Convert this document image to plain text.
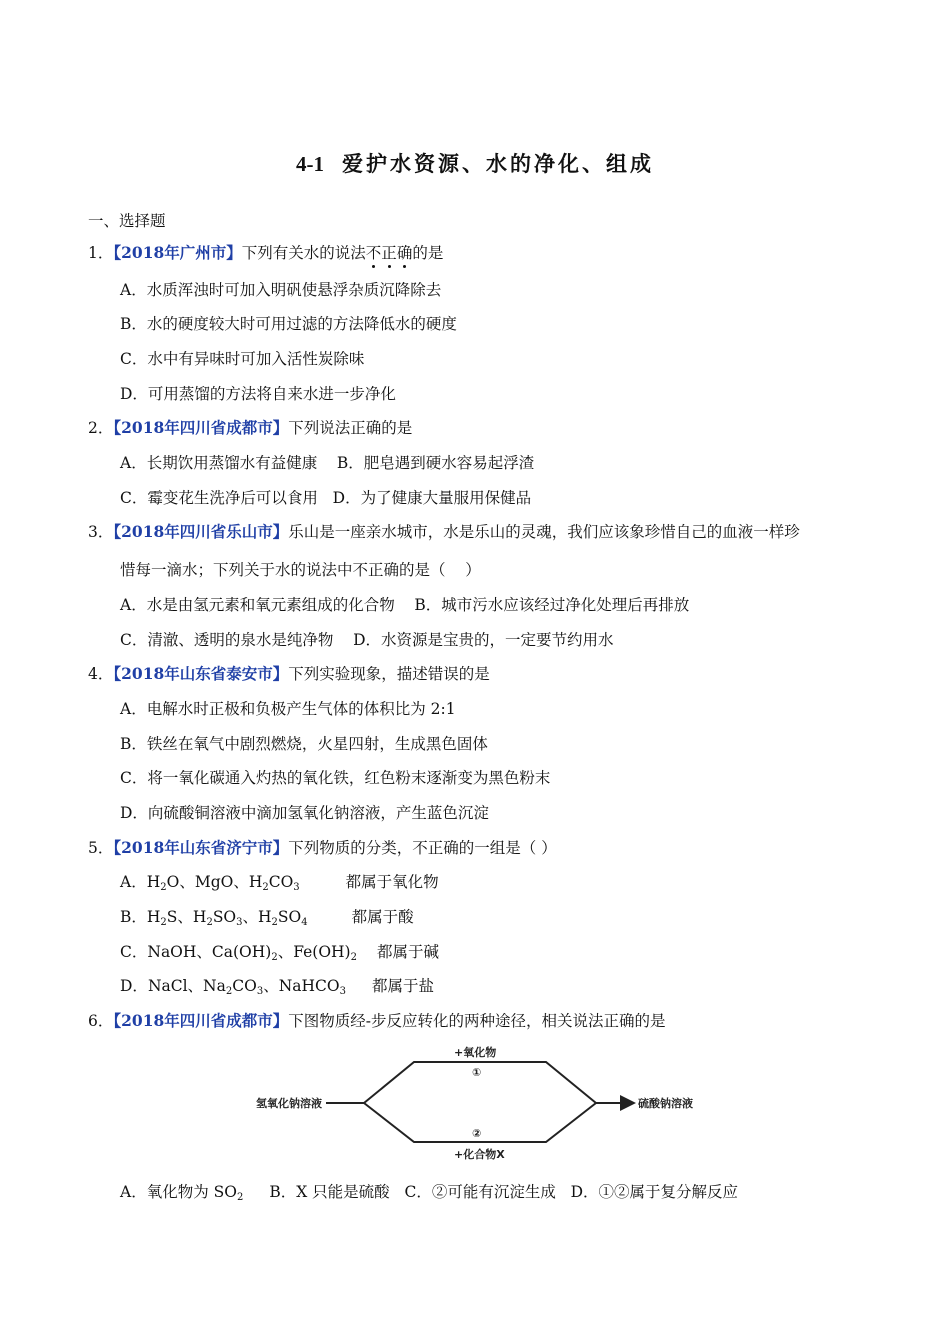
4-1 爱护水资源、水的净化、组成
一、选择题
1．【2018年广州市】下列有关水的说法不正确的是
A．水质浑浊时可加入明矾使悬浮杂质沉降除去
B．水的硬度较大时可用过滤的方法降低水的硬度
C．水中有异味时可加入活性炭除味
D．可用蒸馏的方法将自来水进一步净化
2．【2018年四川省成都市】下列说法正确的是
A．长期饮用蒸馏水有益健康    B．肥皂遇到硬水容易起浮渣
C．霉变花生洗净后可以食用   D．为了健康大量服用保健品
3．【2018年四川省乐山市】乐山是一座亲水城市，水是乐山的灵魂，我们应该象珍惜自己的血液一样珍
惜每一滴水；下列关于水的说法中不正确的是（    ）
A．水是由氢元素和氧元素组成的化合物    B．城市污水应该经过净化处理后再排放
C．清澈、透明的泉水是纯净物    D．水资源是宝贵的，一定要节约用水
4．【2018年山东省泰安市】下列实验现象，描述错误的是
A．电解水时正极和负极产生气体的体积比为 2:1
B．铁丝在氧气中剧烈燃烧，火星四射，生成黑色固体
C．将一氧化碳通入灼热的氧化铁，红色粉末逐渐变为黑色粉末
D．向硫酸铜溶液中滴加氢氧化钠溶液，产生蓝色沉淀
5．【2018年山东省济宁市】下列物质的分类，不正确的一组是（ ）
A．$H_2O$、MgO、$H_2CO_3$	都属于氧化物
B．$H_2S$、$H_2SO_3$、$H_2SO_4$	都属于酸
C．NaOH、$Ca(OH)_2$、$Fe(OH)_2$ 都属于碱
D．NaCl、$Na_2CO_3$、NaHCO$_3$ 都属于盐
6．【2018年四川省成都市】下图物质经-步反应转化的两种途径，相关说法正确的是
氢氧化钠溶液	硫酸钠溶液
+氧化物
①
②
+化合物X
A．氧化物为 $SO_2$ B．X 只能是硫酸   C．②可能有沉淀生成   D．①②属于复分解反应
